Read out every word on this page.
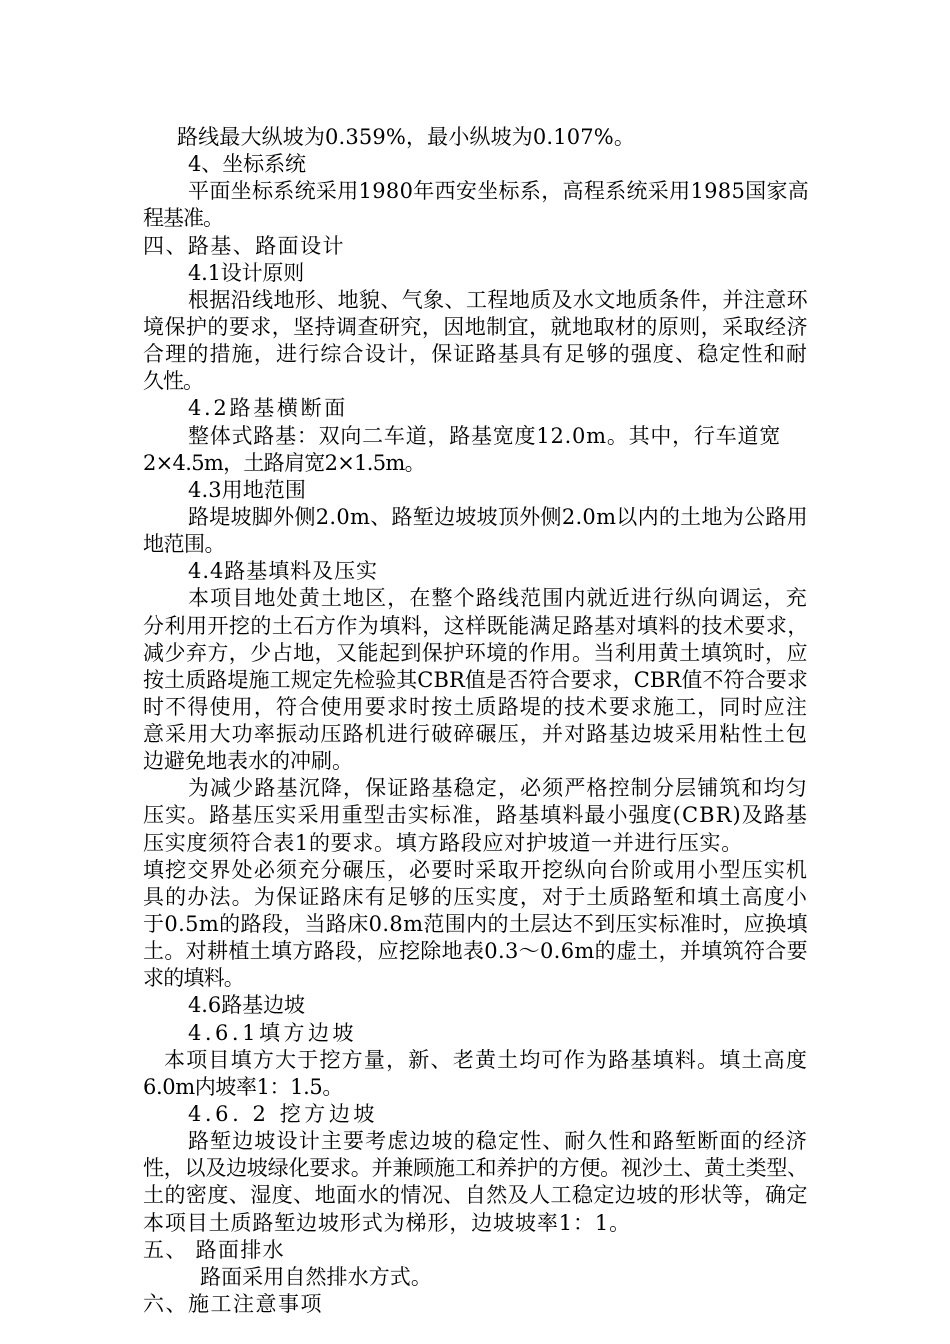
路线最大纵坡为0.359%，最小纵坡为0.107%。
4、坐标系统
平面坐标系统采用1980年西安坐标系，高程系统采用1985国家高
程基准。
四、路基、路面设计
4.1设计原则
根据沿线地形、地貌、气象、工程地质及水文地质条件，并注意环
境保护的要求，坚持调查研究，因地制宜，就地取材的原则，采取经济
合理的措施，进行综合设计，保证路基具有足够的强度、稳定性和耐
久性。
4.2路基横断面
整体式路基：双向二车道，路基宽度12.0m。其中，行车道宽
2×4.5m，土路肩宽2×1.5m。
4.3用地范围
路堤坡脚外侧2.0m、路堑边坡坡顶外侧2.0m以内的土地为公路用
地范围。
4.4路基填料及压实
本项目地处黄土地区，在整个路线范围内就近进行纵向调运，充
分利用开挖的土石方作为填料，这样既能满足路基对填料的技术要求，
减少弃方，少占地，又能起到保护环境的作用。当利用黄土填筑时，应
按土质路堤施工规定先检验其CBR值是否符合要求，CBR值不符合要求
时不得使用，符合使用要求时按土质路堤的技术要求施工，同时应注
意采用大功率振动压路机进行破碎碾压，并对路基边坡采用粘性土包
边避免地表水的冲刷。
为减少路基沉降，保证路基稳定，必须严格控制分层铺筑和均匀
压实。路基压实采用重型击实标准，路基填料最小强度(CBR)及路基
压实度须符合表1的要求。填方路段应对护坡道一并进行压实。
填挖交界处必须充分碾压，必要时采取开挖纵向台阶或用小型压实机
具的办法。为保证路床有足够的压实度，对于土质路堑和填土高度小
于0.5m的路段，当路床0.8m范围内的土层达不到压实标准时，应换填
土。对耕植土填方路段，应挖除地表0.3～0.6m的虚土，并填筑符合要
求的填料。
4.6路基边坡
4.6.1填方边坡
本项目填方大于挖方量，新、老黄土均可作为路基填料。填土高度
6.0m内坡率1：1.5。
4.6. 2 挖方边坡
路堑边坡设计主要考虑边坡的稳定性、耐久性和路堑断面的经济
性，以及边坡绿化要求。并兼顾施工和养护的方便。视沙土、黄土类型、
土的密度、湿度、地面水的情况、自然及人工稳定边坡的形状等，确定
本项目土质路堑边坡形式为梯形，边坡坡率1：1。
五、 路面排水
路面采用自然排水方式。
六、施工注意事项
